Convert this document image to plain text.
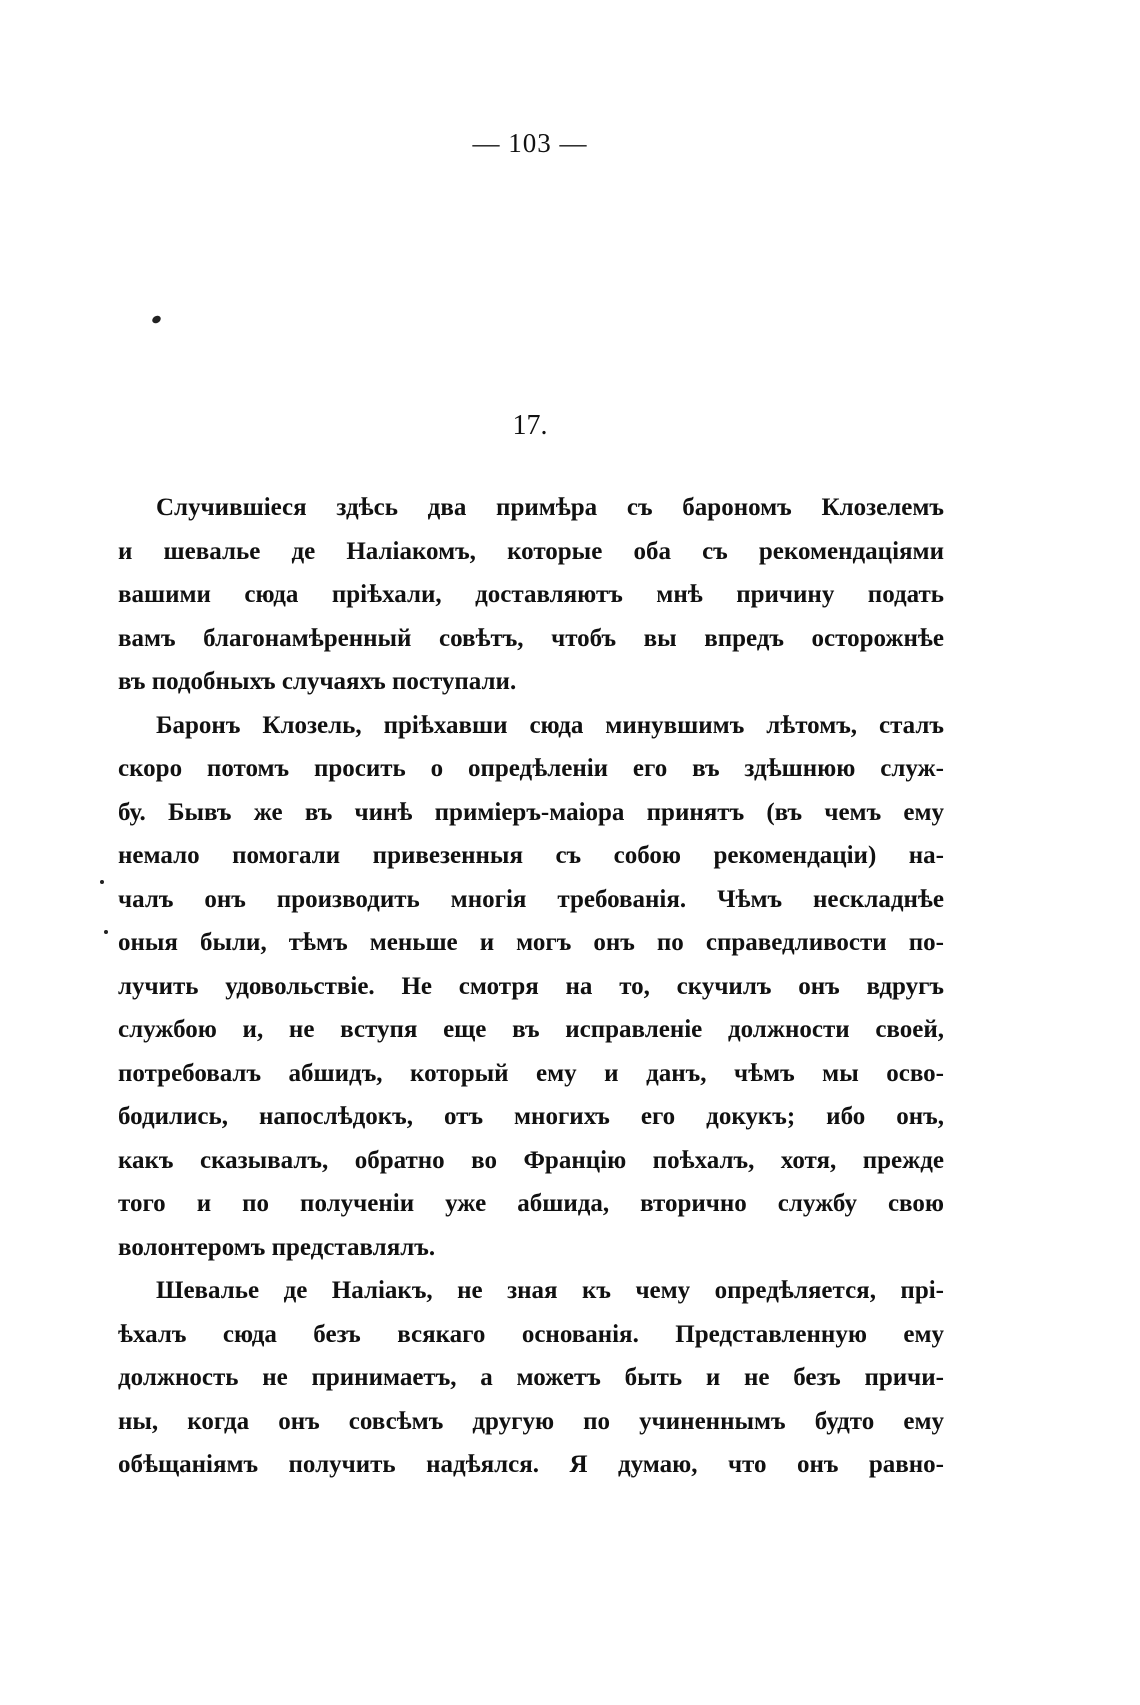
— 103 —
17.
Случившіеся здѣсь два примѣра съ барономъ Клозелемъ
и шевалье де Наліакомъ, которые оба съ рекомендаціями
вашими сюда пріѣхали, доставляютъ мнѣ причину подать
вамъ благонамѣренный совѣтъ, чтобъ вы впредъ осторожнѣе
въ подобныхъ случаяхъ поступали.
Баронъ Клозель, пріѣхавши сюда минувшимъ лѣтомъ, сталъ
скоро потомъ просить о опредѣленіи его въ здѣшнюю служ-
бу. Бывъ же въ чинѣ приміеръ-маіора принятъ (въ чемъ ему
немало помогали привезенныя съ собою рекомендаціи) на-
чалъ онъ производить многія требованія. Чѣмъ нескладнѣе
оныя были, тѣмъ меньше и могъ онъ по справедливости по-
лучить удовольствіе. Не смотря на то, скучилъ онъ вдругъ
службою и, не вступя еще въ исправленіе должности своей,
потребовалъ абшидъ, который ему и данъ, чѣмъ мы осво-
бодились, напослѣдокъ, отъ многихъ его докукъ; ибо онъ,
какъ сказывалъ, обратно во Францію поѣхалъ, хотя, прежде
того и по полученіи уже абшида, вторично службу свою
волонтеромъ представлялъ.
Шевалье де Наліакъ, не зная къ чему опредѣляется, прі-
ѣхалъ сюда безъ всякаго основанія. Представленную ему
должность не принимаетъ, а можетъ быть и не безъ причи-
ны, когда онъ совсѣмъ другую по учиненнымъ будто ему
обѣщаніямъ получить надѣялся. Я думаю, что онъ равно-
